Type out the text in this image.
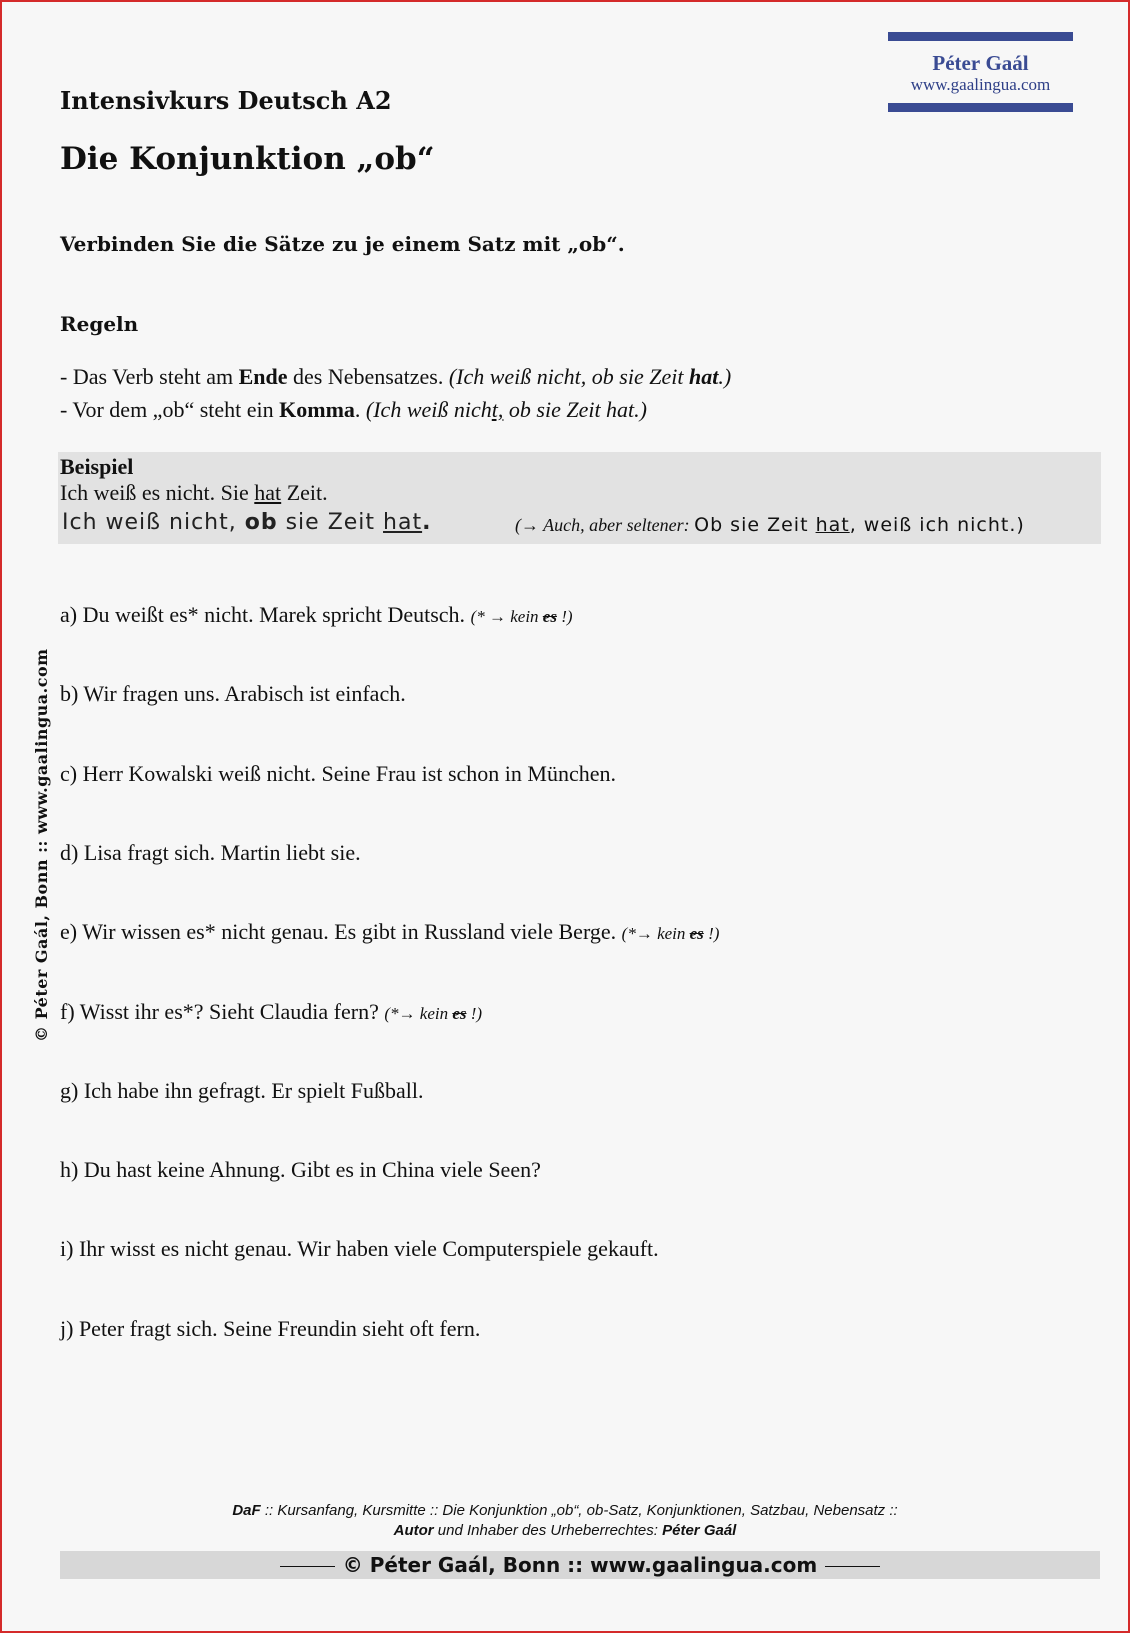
Péter Gaál
www.gaalingua.com
© Péter Gaál, Bonn :: www.gaalingua.com
Intensivkurs Deutsch A2
Die Konjunktion „ob“
Verbinden Sie die Sätze zu je einem Satz mit „ob“.
Regeln
- Das Verb steht am Ende des Nebensatzes. (Ich weiß nicht, ob sie Zeit hat.)
- Vor dem „ob“ steht ein Komma. (Ich weiß nicht, ob sie Zeit hat.)
Beispiel
Ich weiß es nicht. Sie hat Zeit.
Ich weiß nicht, ob sie Zeit hat.	(→ Auch, aber seltener: Ob sie Zeit hat, weiß ich nicht.)
a) Du weißt es* nicht. Marek spricht Deutsch. (* → kein es !)
b) Wir fragen uns. Arabisch ist einfach.
c) Herr Kowalski weiß nicht. Seine Frau ist schon in München.
d) Lisa fragt sich. Martin liebt sie.
e) Wir wissen es* nicht genau. Es gibt in Russland viele Berge. (*→ kein es !)
f) Wisst ihr es*? Sieht Claudia fern? (*→ kein es !)
g) Ich habe ihn gefragt. Er spielt Fußball.
h) Du hast keine Ahnung. Gibt es in China viele Seen?
i) Ihr wisst es nicht genau. Wir haben viele Computerspiele gekauft.
j) Peter fragt sich. Seine Freundin sieht oft fern.
DaF :: Kursanfang, Kursmitte :: Die Konjunktion „ob“, ob-Satz, Konjunktionen, Satzbau, Nebensatz ::
Autor und Inhaber des Urheberrechtes: Péter Gaál
© Péter Gaál, Bonn :: www.gaalingua.com
